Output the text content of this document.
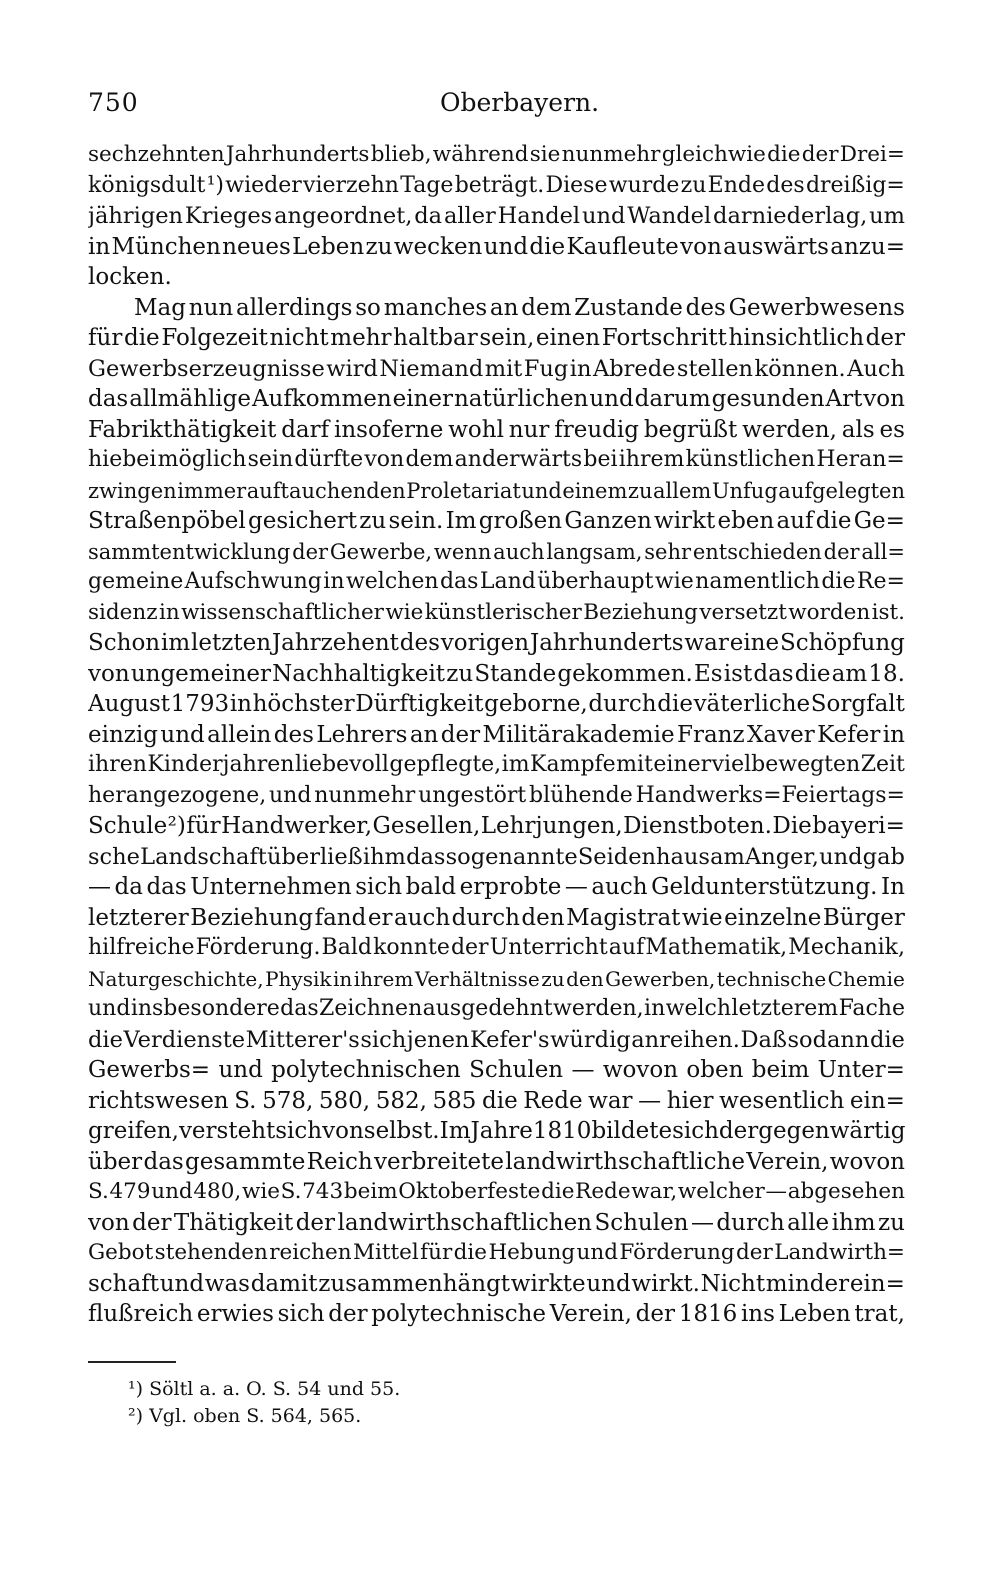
750	Oberbayern.
sechzehnten Jahrhunderts blieb, während sie nunmehr gleichwie die der Drei=
königsdult ¹) wieder vierzehn Tage beträgt. Diese wurde zu Ende des dreißig=
jährigen Krieges angeordnet, da aller Handel und Wandel darniederlag, um
in München neues Leben zu wecken und die Kaufleute von auswärts anzu=
locken.
Mag nun allerdings so manches an dem Zustande des Gewerbwesens
für die Folgezeit nicht mehr haltbar sein, einen Fortschritt hinsichtlich der
Gewerbserzeugnisse wird Niemand mit Fug in Abrede stellen können. Auch
das allmählige Aufkommen einer natürlichen und darum gesunden Art von
Fabrikthätigkeit darf insoferne wohl nur freudig begrüßt werden, als es
hiebei möglich sein dürfte von dem anderwärts bei ihrem künstlichen Heran=
zwingen immer auftauchenden Proletariat und einem zu allem Unfug aufgelegten
Straßenpöbel gesichert zu sein. Im großen Ganzen wirkt eben auf die Ge=
sammtentwicklung der Gewerbe, wenn auch langsam, sehr entschieden der all=
gemeine Aufschwung in welchen das Land überhaupt wie namentlich die Re=
sidenz in wissenschaftlicher wie künstlerischer Beziehung versetzt worden ist.
Schon im letzten Jahrzehent des vorigen Jahrhunderts war eine Schöpfung
von ungemeiner Nachhaltigkeit zu Stande gekommen. Es ist das die am 18.
August 1793 in höchster Dürftigkeit geborne, durch die väterliche Sorgfalt
einzig und allein des Lehrers an der Militärakademie Franz Xaver Kefer in
ihren Kinderjahren liebevoll gepflegte, im Kampfe mit einer vielbewegten Zeit
herangezogene, und nunmehr ungestört blühende Handwerks=Feiertags=
Schule ²) für Handwerker, Gesellen, Lehrjungen, Dienstboten. Die bayeri=
sche Landschaft überließ ihm das sogenannte Seidenhaus am Anger, und gab
— da das Unternehmen sich bald erprobte — auch Geldunterstützung. In
letzterer Beziehung fand er auch durch den Magistrat wie einzelne Bürger
hilfreiche Förderung. Bald konnte der Unterricht auf Mathematik, Mechanik,
Naturgeschichte, Physik in ihrem Verhältnisse zu den Gewerben, technische Chemie
und insbesondere das Zeichnen ausgedehnt werden, in welch letzterem Fache
die Verdienste Mitterer's sich jenen Kefer's würdig anreihen. Daß sodann die
Gewerbs= und polytechnischen Schulen — wovon oben beim Unter=
richtswesen S. 578, 580, 582, 585 die Rede war — hier wesentlich ein=
greifen, versteht sich von selbst. Im Jahre 1810 bildete sich der gegenwärtig
über das gesammte Reich verbreitete landwirthschaftliche Verein, wovon
S. 479 und 480, wie S. 743 beim Oktoberfeste die Rede war, welcher — abgesehen
von der Thätigkeit der landwirthschaftlichen Schulen — durch alle ihm zu
Gebot stehenden reichen Mittel für die Hebung und Förderung der Landwirth=
schaft und was damit zusammenhängt wirkte und wirkt. Nicht minder ein=
flußreich erwies sich der polytechnische Verein, der 1816 ins Leben trat,
¹) Söltl a. a. O. S. 54 und 55.
²) Vgl. oben S. 564, 565.
